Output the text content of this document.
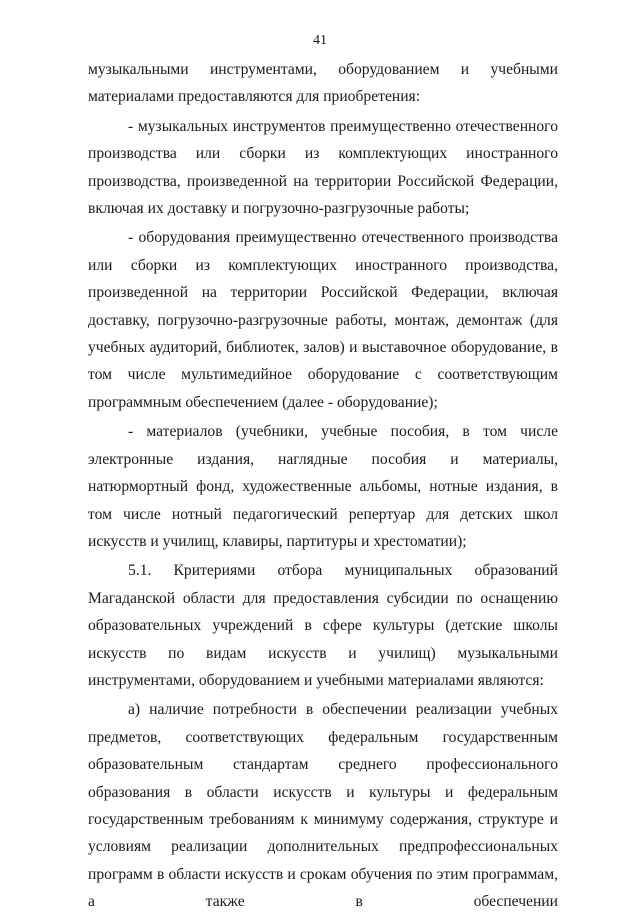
41

музыкальными инструментами, оборудованием и учебными материалами предоставляются для приобретения:

- музыкальных инструментов преимущественно отечественного производства или сборки из комплектующих иностранного производства, произведенной на территории Российской Федерации, включая их доставку и погрузочно-разгрузочные работы;

- оборудования преимущественно отечественного производства или сборки из комплектующих иностранного производства, произведенной на территории Российской Федерации, включая доставку, погрузочно-разгрузочные работы, монтаж, демонтаж (для учебных аудиторий, библиотек, залов) и выставочное оборудование, в том числе мультимедийное оборудование с соответствующим программным обеспечением (далее - оборудование);

- материалов (учебники, учебные пособия, в том числе электронные издания, наглядные пособия и материалы, натюрмортный фонд, художественные альбомы, нотные издания, в том числе нотный педагогический репертуар для детских школ искусств и училищ, клавиры, партитуры и хрестоматии);

5.1. Критериями отбора муниципальных образований Магаданской области для предоставления субсидии по оснащению образовательных учреждений в сфере культуры (детские школы искусств по видам искусств и училищ) музыкальными инструментами, оборудованием и учебными материалами являются:

а) наличие потребности в обеспечении реализации учебных предметов, соответствующих федеральным государственным образовательным стандартам среднего профессионального образования в области искусств и культуры и федеральным государственным требованиям к минимуму содержания, структуре и условиям реализации дополнительных предпрофессиональных программ в области искусств и срокам обучения по этим программам, а также в обеспечении
